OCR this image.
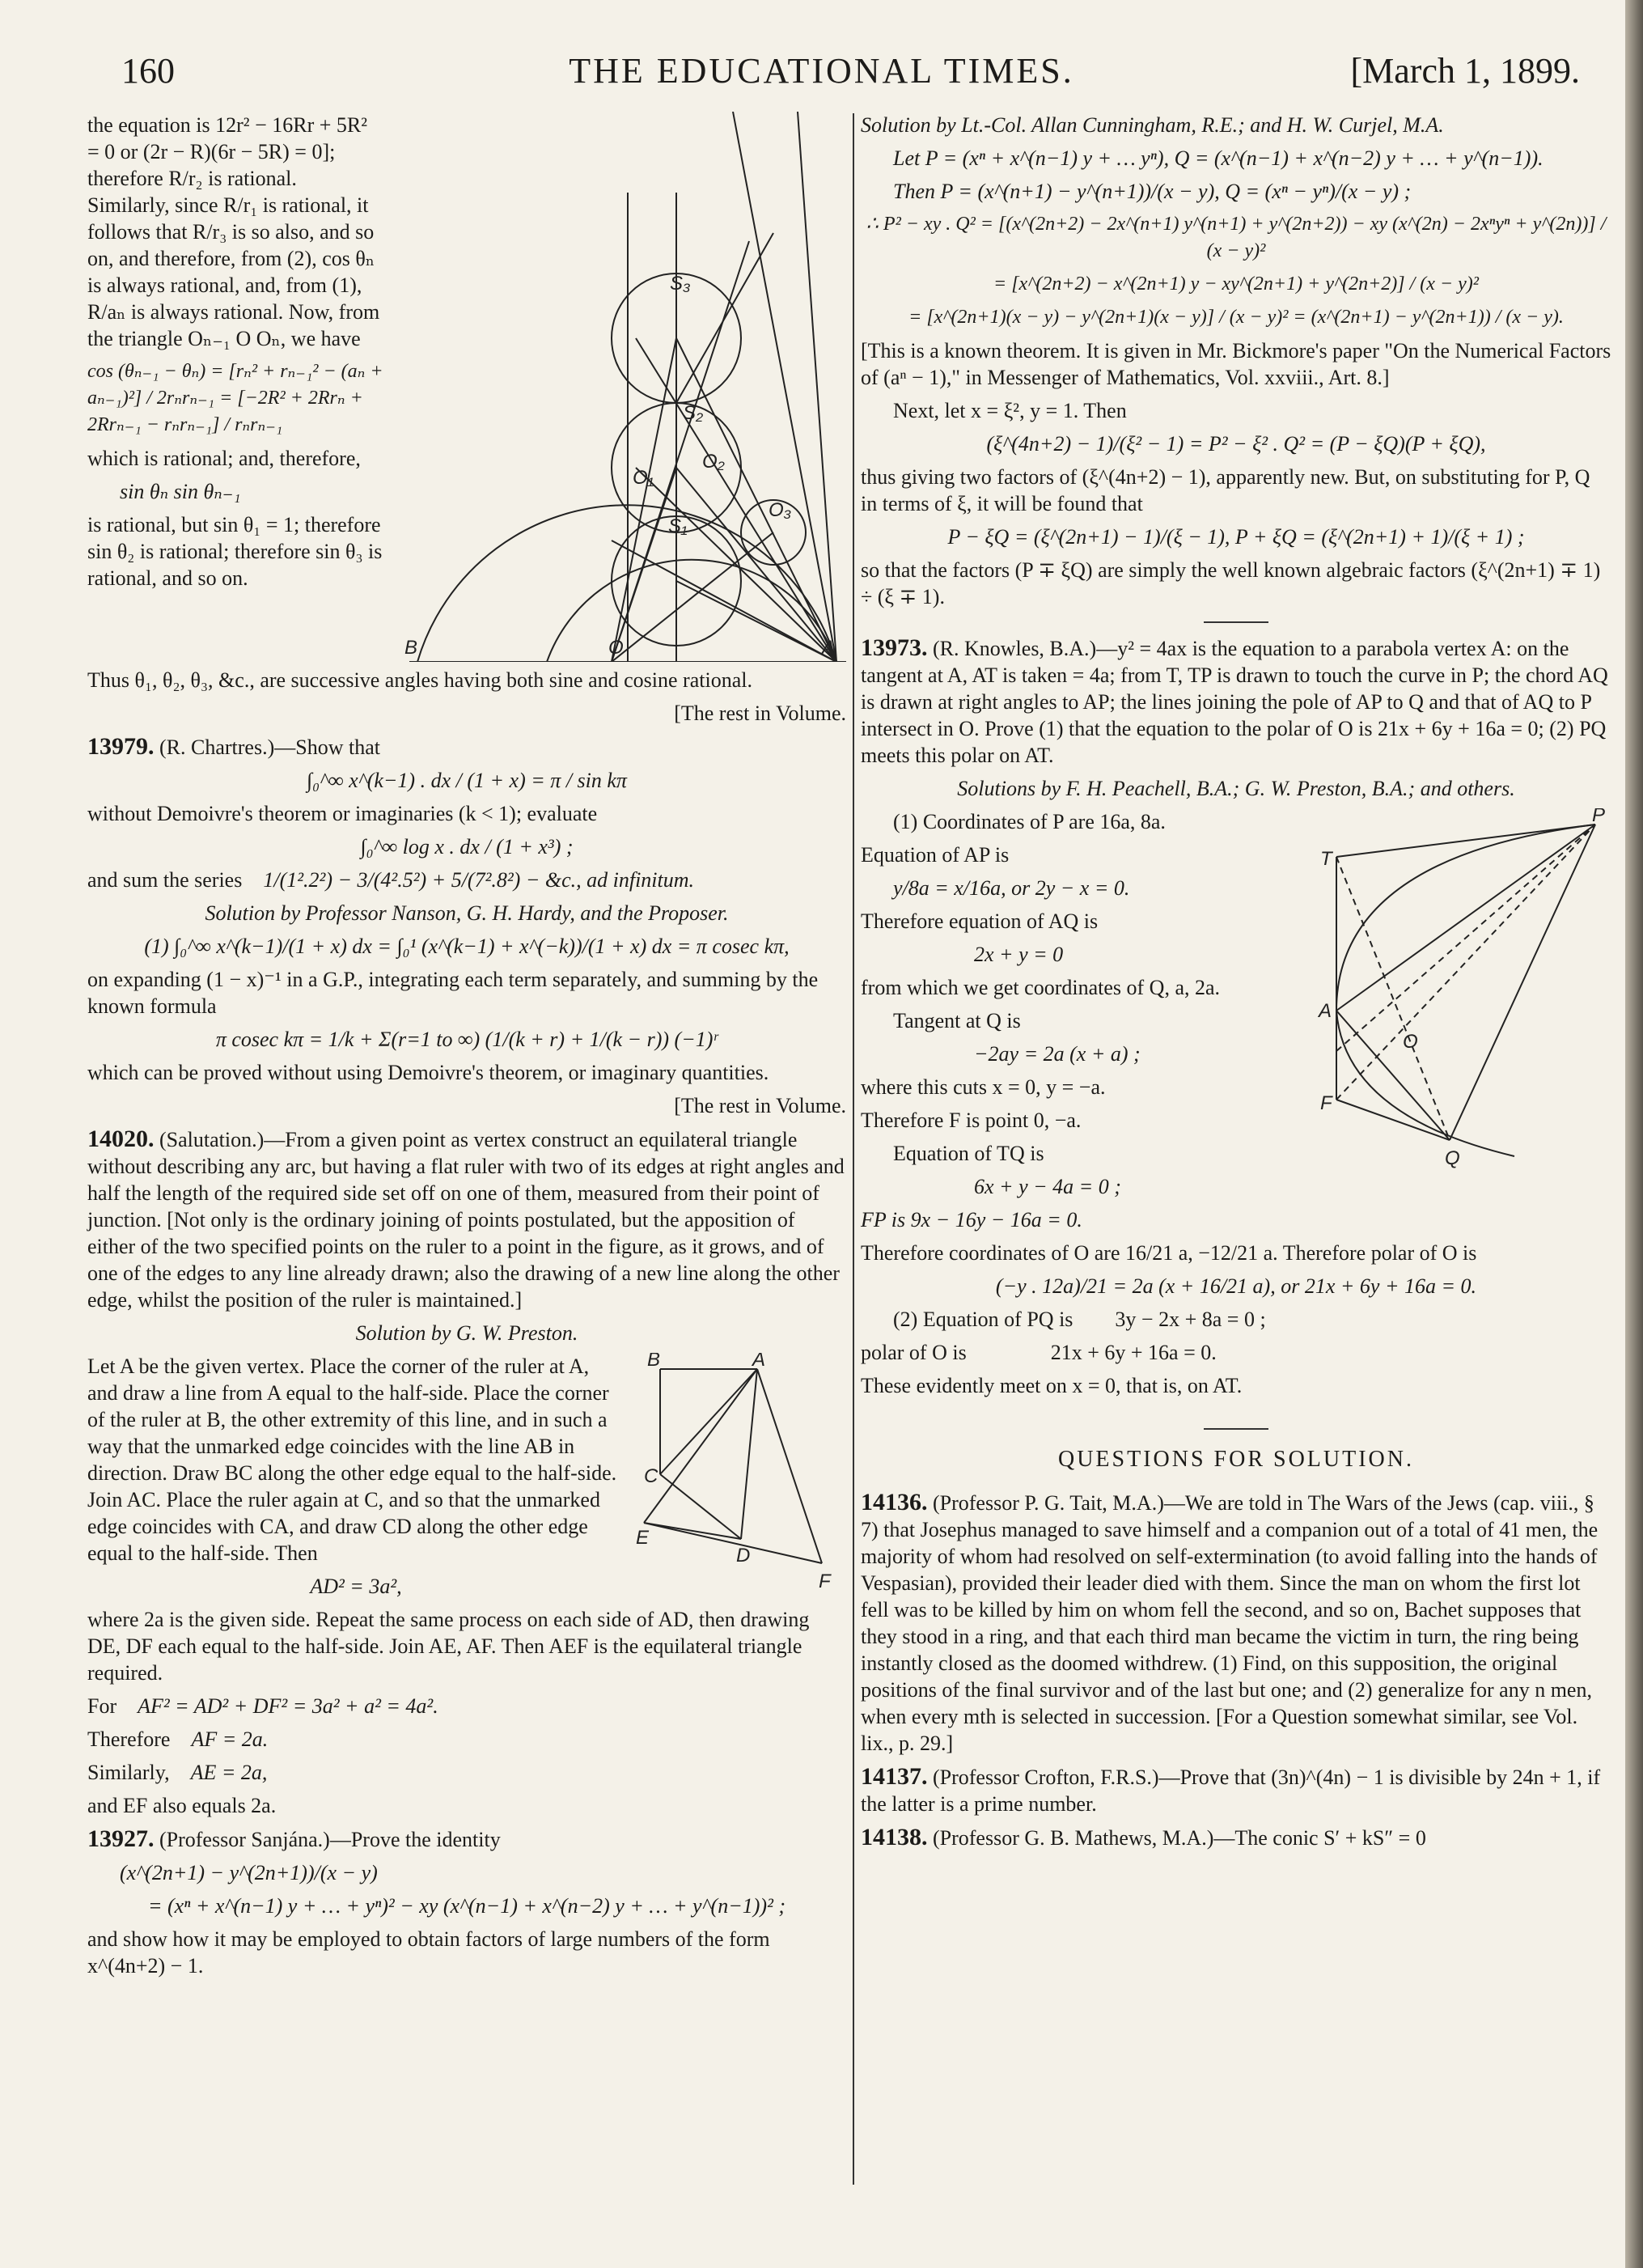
160	THE EDUCATIONAL TIMES.	[March 1, 1899.
B	O	A
S₃
S₂
S₁
O₁
O₂
O₃

the equation is 12r² − 16Rr + 5R² = 0 or (2r − R)(6r − 5R) = 0]; therefore R/r₂ is rational. Similarly, since R/r₁ is rational, it follows that R/r₃ is so also, and so on, and therefore, from (2), cos θₙ is always rational, and, from (1), R/aₙ is always rational. Now, from the triangle Oₙ₋₁ O Oₙ, we have

cos (θₙ₋₁ − θₙ) = [rₙ² + rₙ₋₁² − (aₙ + aₙ₋₁)²] / 2rₙrₙ₋₁ = [−2R² + 2Rrₙ + 2Rrₙ₋₁ − rₙrₙ₋₁] / rₙrₙ₋₁

which is rational; and, therefore,

sin θₙ sin θₙ₋₁

is rational, but sin θ₁ = 1; therefore sin θ₂ is rational; therefore sin θ₃ is rational, and so on.

Thus θ₁, θ₂, θ₃, &c., are successive angles having both sine and cosine rational.

[The rest in Volume.

13979. (R. Chartres.)—Show that

∫₀^∞ x^(k−1) . dx / (1 + x) = π / sin kπ

without Demoivre's theorem or imaginaries (k < 1); evaluate

∫₀^∞ log x . dx / (1 + x³) ;

and sum the series 1/(1².2²) − 3/(4².5²) + 5/(7².8²) − &c., ad infinitum.

Solution by Professor Nanson, G. H. Hardy, and the Proposer.

(1) ∫₀^∞ x^(k−1)/(1 + x) dx = ∫₀¹ (x^(k−1) + x^(−k))/(1 + x) dx = π cosec kπ,

on expanding (1 − x)⁻¹ in a G.P., integrating each term separately, and summing by the known formula

π cosec kπ = 1/k + Σ(r=1 to ∞) (1/(k + r) + 1/(k − r)) (−1)ʳ

which can be proved without using Demoivre's theorem, or imaginary quantities.

[The rest in Volume.

14020. (Salutation.)—From a given point as vertex construct an equilateral triangle without describing any arc, but having a flat ruler with two of its edges at right angles and half the length of the required side set off on one of them, measured from their point of junction. [Not only is the ordinary joining of points postulated, but the apposition of either of the two specified points on the ruler to a point in the figure, as it grows, and of one of the edges to any line already drawn; also the drawing of a new line along the other edge, whilst the position of the ruler is maintained.]

Solution by G. W. Preston.

B	A
C
E
D
F

Let A be the given vertex. Place the corner of the ruler at A, and draw a line from A equal to the half-side. Place the corner of the ruler at B, the other extremity of this line, and in such a way that the unmarked edge coincides with the line AB in direction. Draw BC along the other edge equal to the half-side. Join AC. Place the ruler again at C, and so that the unmarked edge coincides with CA, and draw CD along the other edge equal to the half-side. Then

AD² = 3a²,

where 2a is the given side. Repeat the same process on each side of AD, then drawing DE, DF each equal to the half-side. Join AE, AF. Then AEF is the equilateral triangle required.

For AF² = AD² + DF² = 3a² + a² = 4a².

Therefore AF = 2a.

Similarly, AE = 2a,

and EF also equals 2a.

13927. (Professor Sanjána.)—Prove the identity

(x^(2n+1) − y^(2n+1))/(x − y)

= (xⁿ + x^(n−1) y + … + yⁿ)² − xy (x^(n−1) + x^(n−2) y + … + y^(n−1))² ;

and show how it may be employed to obtain factors of large numbers of the form x^(4n+2) − 1.

Solution by Lt.-Col. Allan Cunningham, R.E.; and H. W. Curjel, M.A.

Let P = (xⁿ + x^(n−1) y + … yⁿ), Q = (x^(n−1) + x^(n−2) y + … + y^(n−1)).

Then P = (x^(n+1) − y^(n+1))/(x − y), Q = (xⁿ − yⁿ)/(x − y) ;

∴ P² − xy . Q² = [(x^(2n+2) − 2x^(n+1) y^(n+1) + y^(2n+2)) − xy (x^(2n) − 2xⁿyⁿ + y^(2n))] / (x − y)²

= [x^(2n+2) − x^(2n+1) y − xy^(2n+1) + y^(2n+2)] / (x − y)²

= [x^(2n+1)(x − y) − y^(2n+1)(x − y)] / (x − y)² = (x^(2n+1) − y^(2n+1)) / (x − y).

[This is a known theorem. It is given in Mr. Bickmore's paper "On the Numerical Factors of (aⁿ − 1)," in Messenger of Mathematics, Vol. xxviii., Art. 8.]

Next, let x = ξ², y = 1. Then

(ξ^(4n+2) − 1)/(ξ² − 1) = P² − ξ² . Q² = (P − ξQ)(P + ξQ),

thus giving two factors of (ξ^(4n+2) − 1), apparently new. But, on substituting for P, Q in terms of ξ, it will be found that

P − ξQ = (ξ^(2n+1) − 1)/(ξ − 1), P + ξQ = (ξ^(2n+1) + 1)/(ξ + 1) ;

so that the factors (P ∓ ξQ) are simply the well known algebraic factors (ξ^(2n+1) ∓ 1) ÷ (ξ ∓ 1).

13973. (R. Knowles, B.A.)—y² = 4ax is the equation to a parabola vertex A: on the tangent at A, AT is taken = 4a; from T, TP is drawn to touch the curve in P; the chord AQ is drawn at right angles to AP; the lines joining the pole of AP to Q and that of AQ to P intersect in O. Prove (1) that the equation to the polar of O is 21x + 6y + 16a = 0; (2) PQ meets this polar on AT.

Solutions by F. H. Peachell, B.A.; G. W. Preston, B.A.; and others.

P
T
A
O
F
Q

(1) Coordinates of P are 16a, 8a.

Equation of AP is

y/8a = x/16a, or 2y − x = 0.

Therefore equation of AQ is

2x + y = 0

from which we get coordinates of Q, a, 2a.

Tangent at Q is

−2ay = 2a (x + a) ;

where this cuts x = 0, y = −a.

Therefore F is point 0, −a.

Equation of TQ is

6x + y − 4a = 0 ;

FP is 9x − 16y − 16a = 0.

Therefore coordinates of O are 16/21 a, −12/21 a. Therefore polar of O is

(−y . 12a)/21 = 2a (x + 16/21 a), or 21x + 6y + 16a = 0.

(2) Equation of PQ is        3y − 2x + 8a = 0 ;

polar of O is                21x + 6y + 16a = 0.

These evidently meet on x = 0, that is, on AT.

QUESTIONS FOR SOLUTION.

14136. (Professor P. G. Tait, M.A.)—We are told in The Wars of the Jews (cap. viii., § 7) that Josephus managed to save himself and a companion out of a total of 41 men, the majority of whom had resolved on self-extermination (to avoid falling into the hands of Vespasian), provided their leader died with them. Since the man on whom the first lot fell was to be killed by him on whom fell the second, and so on, Bachet supposes that they stood in a ring, and that each third man became the victim in turn, the ring being instantly closed as the doomed withdrew. (1) Find, on this supposition, the original positions of the final survivor and of the last but one; and (2) generalize for any n men, when every mth is selected in succession. [For a Question somewhat similar, see Vol. lix., p. 29.]

14137. (Professor Crofton, F.R.S.)—Prove that (3n)^(4n) − 1 is divisible by 24n + 1, if the latter is a prime number.

14138. (Professor G. B. Mathews, M.A.)—The conic S′ + kS″ = 0
